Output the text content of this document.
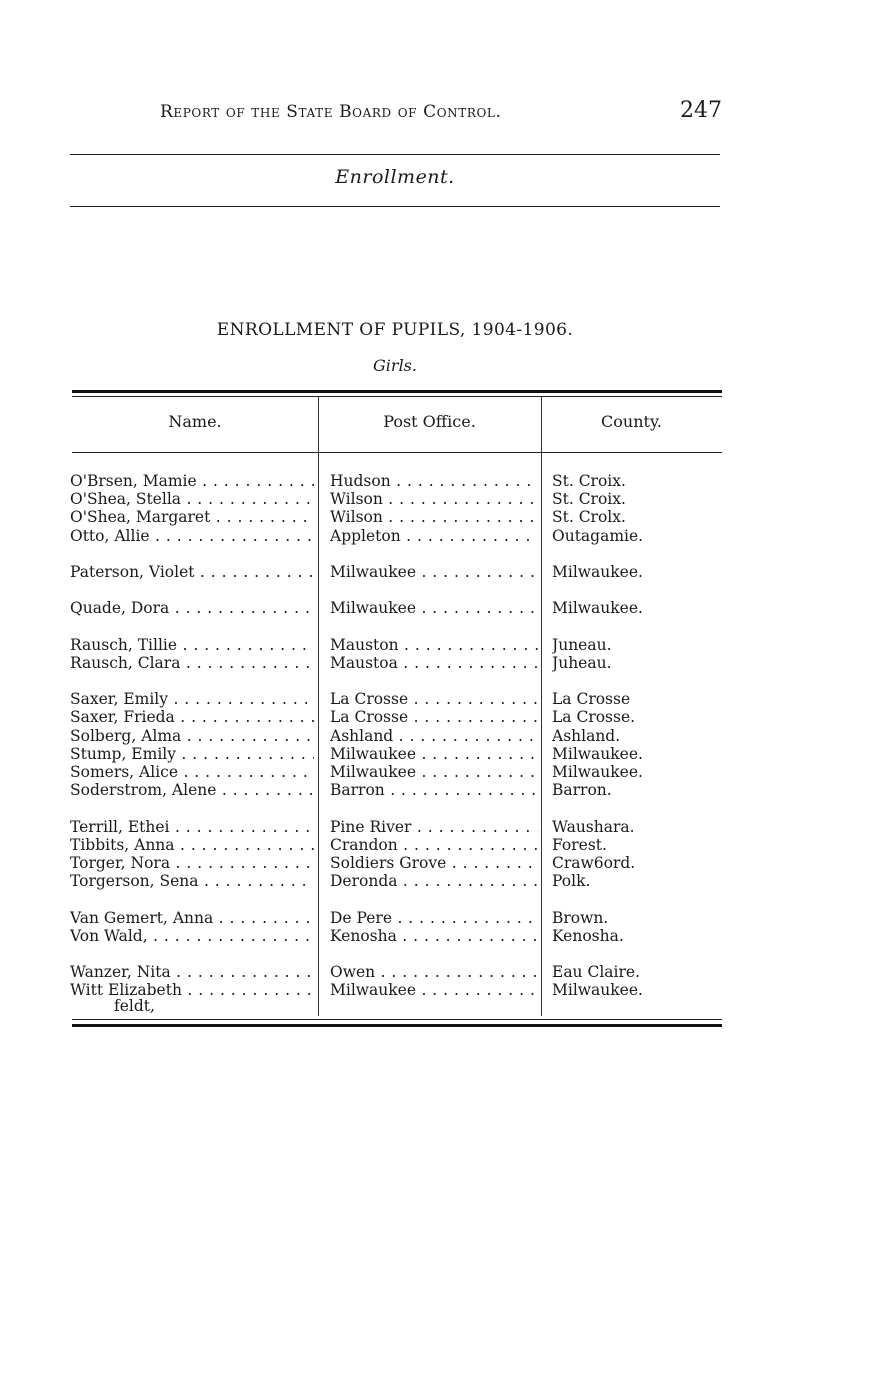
Report of the State Board of Control.	247
Enrollment.
ENROLLMENT OF PUPILS, 1904-1906.
Girls.
Name.	Post Office.	County.
O'Brsen, Mamie . . .	Hudson . . .	St. Croix.
O'Shea, Stella . . .	Wilson . . .	St. Croix.
O'Shea, Margaret . . .	Wilson . . .	St. Crolx.
Otto, Allie . . .	Appleton . . .	Outagamie.
Paterson, Violet . . .	Milwaukee . . .	Milwaukee.
Quade, Dora . . .	Milwaukee . . .	Milwaukee.
Rausch, Tillie . . .	Mauston . . .	Juneau.
Rausch, Clara . . .	Maustoa . . .	Juheau.
Saxer, Emily . . .	La Crosse . . .	La Crosse
Saxer, Frieda . . .	La Crosse . . .	La Crosse.
Solberg, Alma . . .	Ashland . . .	Ashland.
Stump, Emily . . .	Milwaukee . . .	Milwaukee.
Somers, Alice . . .	Milwaukee . . .	Milwaukee.
Soderstrom, Alene . . .	Barron . . .	Barron.
Terrill, Ethei . . .	Pine River . . .	Waushara.
Tibbits, Anna . . .	Crandon . . .	Forest.
Torger, Nora . . .	Soldiers Grove . . .	Craw6ord.
Torgerson, Sena . . .	Deronda . . .	Polk.
Van Gemert, Anna . . .	De Pere . . .	Brown.
Von Wald, . . .	Kenosha . . .	Kenosha.
Wanzer, Nita . . .	Owen . . .	Eau Claire.
Witt Elizabeth . . .	Milwaukee . . .	Milwaukee.
feldt,
